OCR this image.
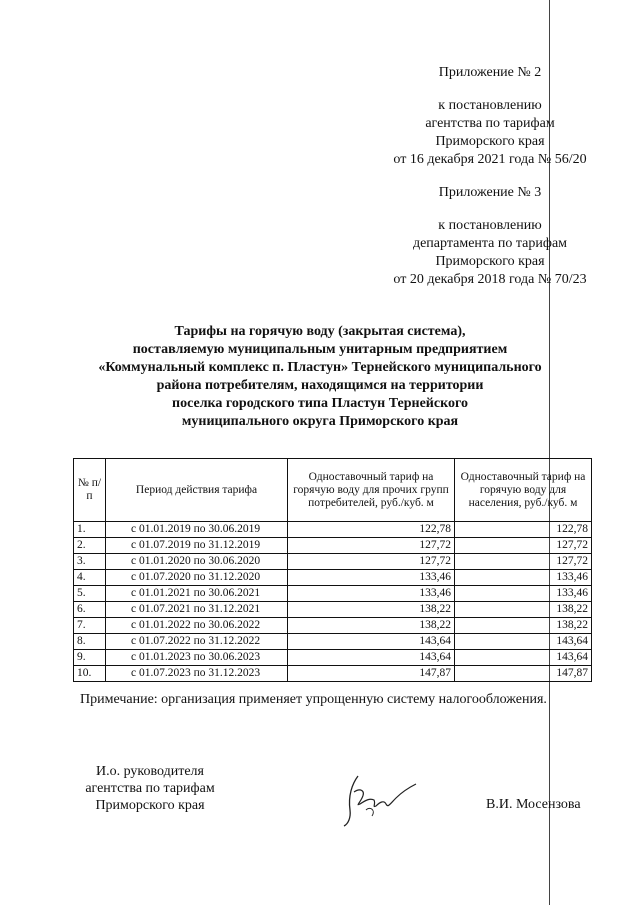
Приложение № 2
к постановлению
агентства по тарифам
Приморского края
от 16 декабря 2021 года № 56/20
Приложение № 3
к постановлению
департамента по тарифам
Приморского края
от 20 декабря 2018 года № 70/23
Тарифы на горячую воду (закрытая система),
поставляемую муниципальным унитарным предприятием
«Коммунальный комплекс п. Пластун» Тернейского муниципального
района потребителям, находящимся на территории
поселка городского типа Пластун Тернейского
муниципального округа Приморского края
№ п/п	Период действия тарифа	Одноставочный тариф на горячую воду для прочих групп потребителей, руб./куб. м	Одноставочный тариф на горячую воду для населения, руб./куб. м
1.	с 01.01.2019 по 30.06.2019	122,78	122,78
2.	с 01.07.2019 по 31.12.2019	127,72	127,72
3.	с 01.01.2020 по 30.06.2020	127,72	127,72
4.	с 01.07.2020 по 31.12.2020	133,46	133,46
5.	с 01.01.2021 по 30.06.2021	133,46	133,46
6.	с 01.07.2021 по 31.12.2021	138,22	138,22
7.	с 01.01.2022 по 30.06.2022	138,22	138,22
8.	с 01.07.2022 по 31.12.2022	143,64	143,64
9.	с 01.01.2023 по 30.06.2023	143,64	143,64
10.	с 01.07.2023 по 31.12.2023	147,87	147,87
Примечание: организация применяет упрощенную систему налогообложения.
И.о. руководителя
агентства по тарифам
Приморского края	В.И. Мосензова
